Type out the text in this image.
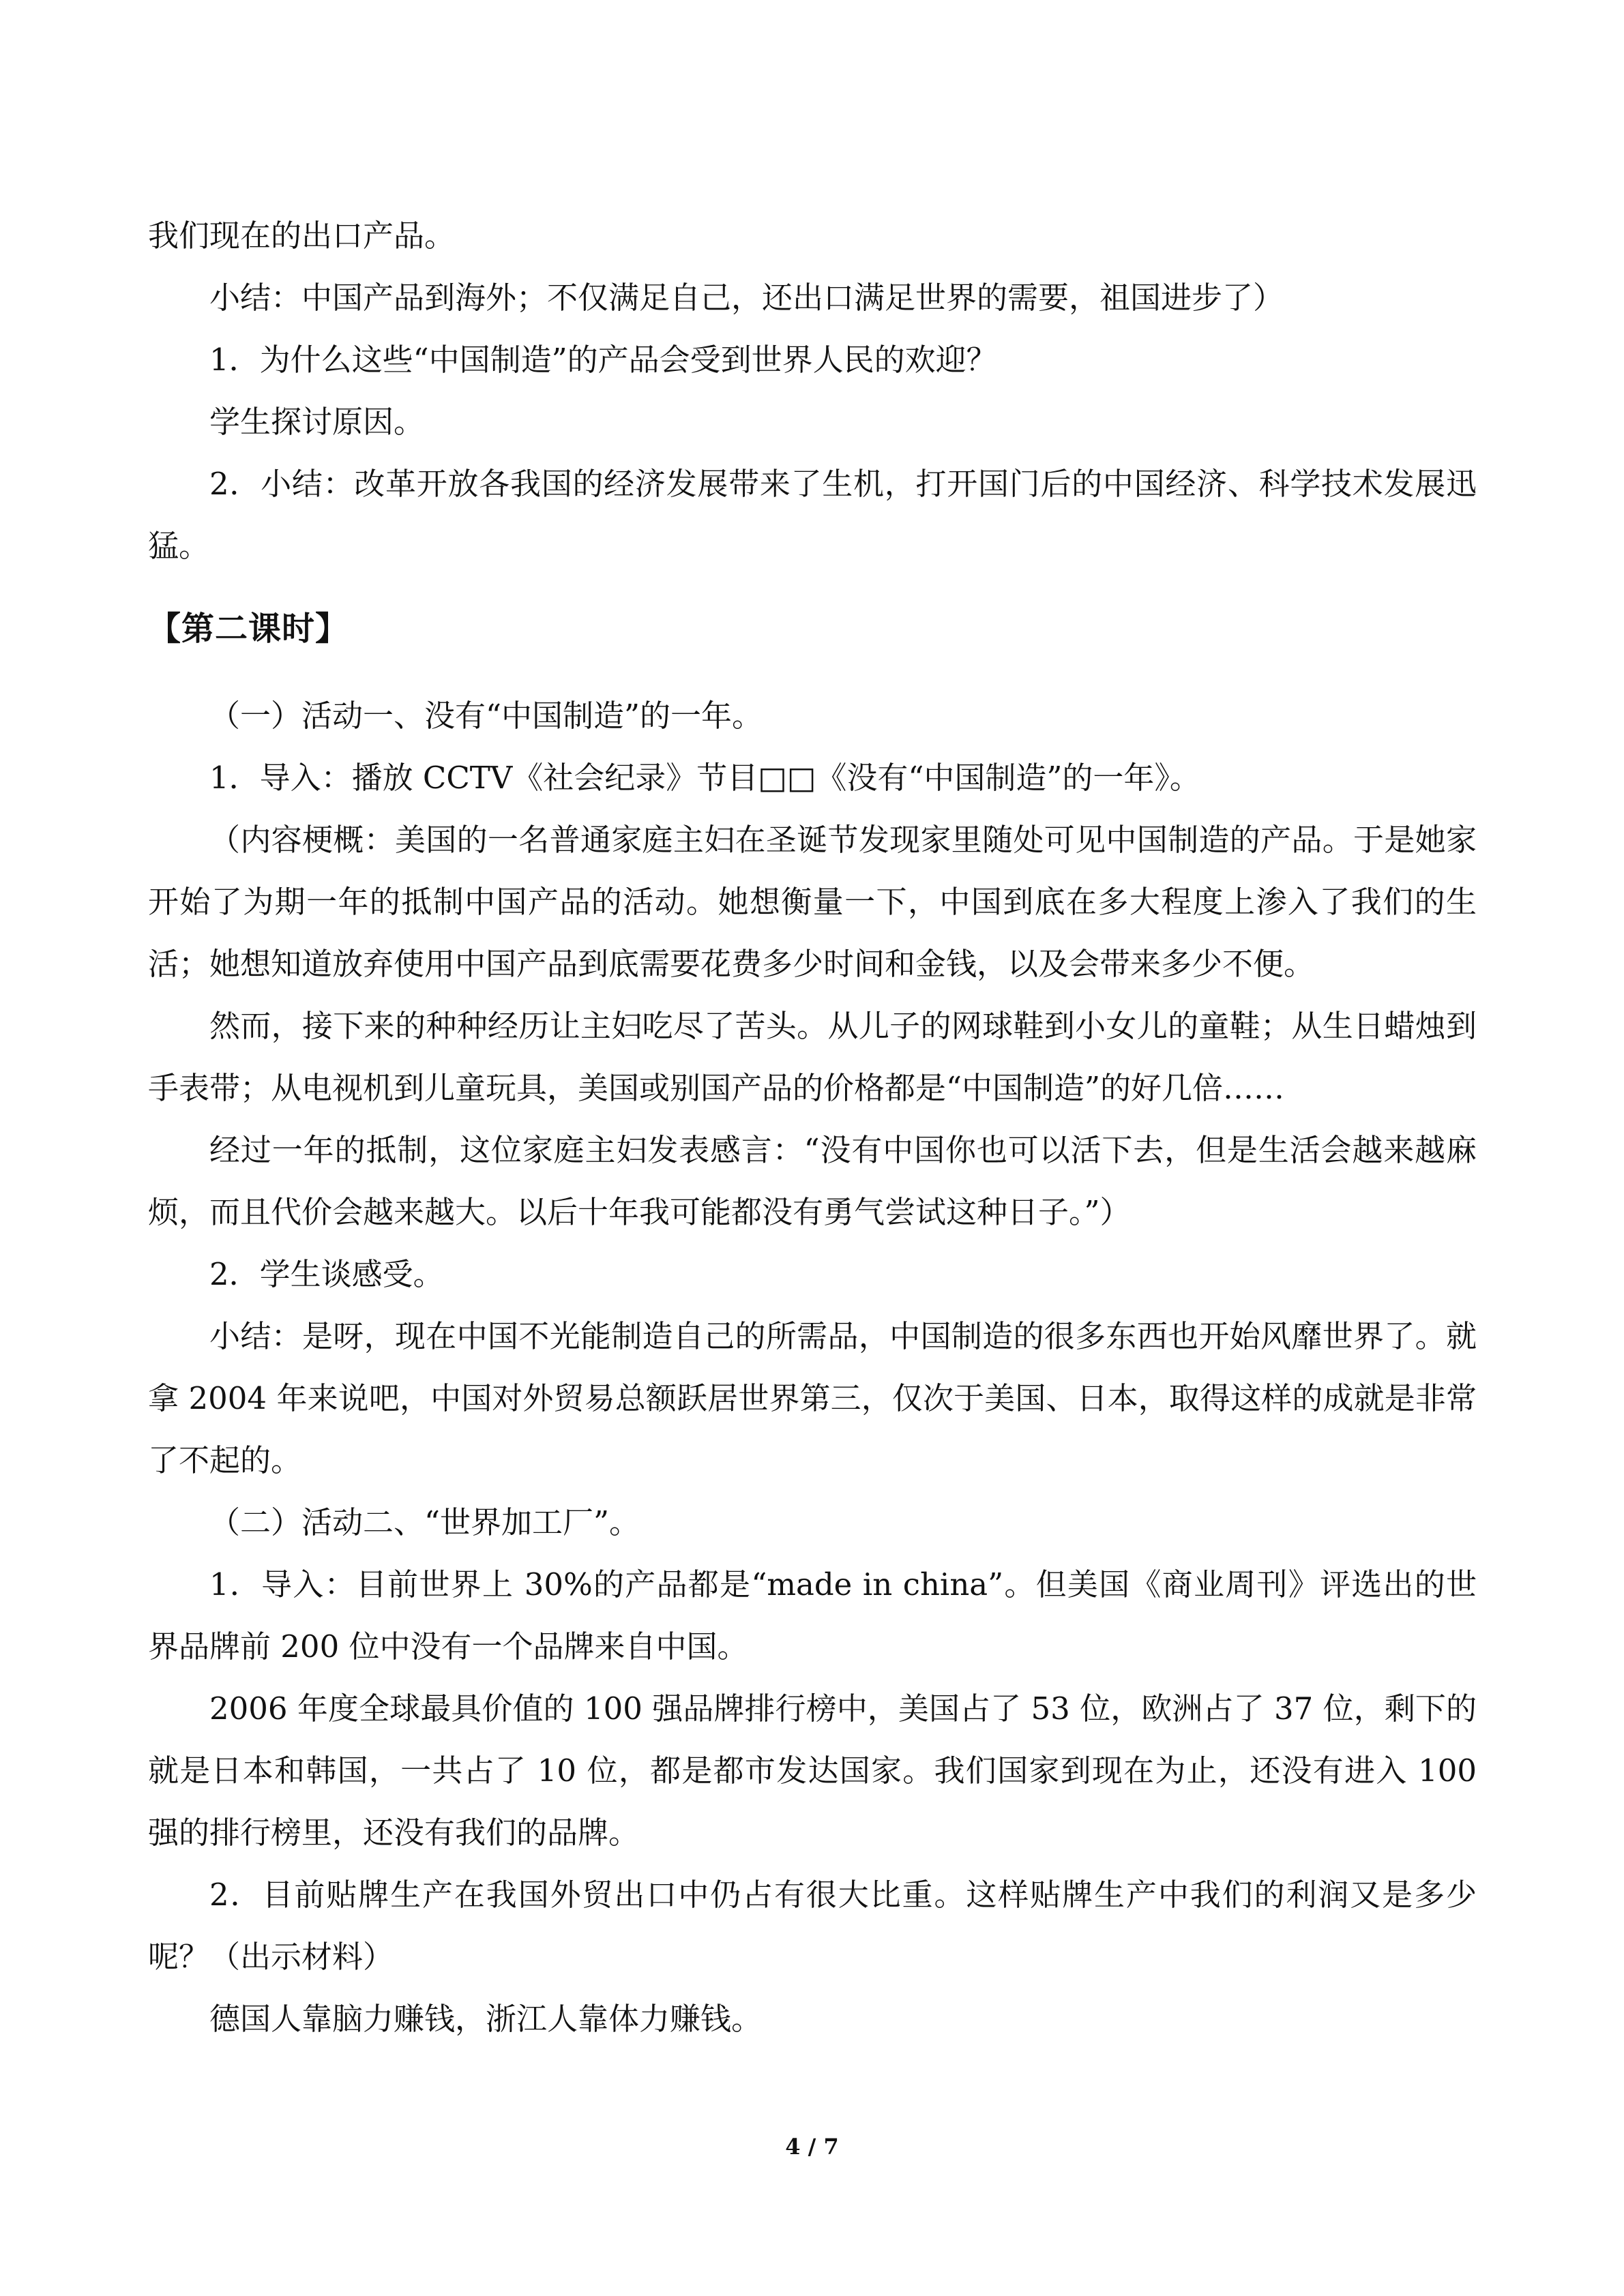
我们现在的出口产品。

小结：中国产品到海外；不仅满足自己，还出口满足世界的需要，祖国进步了）

1．为什么这些“中国制造”的产品会受到世界人民的欢迎？

学生探讨原因。

2．小结：改革开放各我国的经济发展带来了生机，打开国门后的中国经济、科学技术发展迅猛。

【第二课时】

（一）活动一、没有“中国制造”的一年。

1．导入：播放 CCTV《社会纪录》节目□□《没有“中国制造”的一年》。

（内容梗概：美国的一名普通家庭主妇在圣诞节发现家里随处可见中国制造的产品。于是她家开始了为期一年的抵制中国产品的活动。她想衡量一下，中国到底在多大程度上渗入了我们的生活；她想知道放弃使用中国产品到底需要花费多少时间和金钱，以及会带来多少不便。

然而，接下来的种种经历让主妇吃尽了苦头。从儿子的网球鞋到小女儿的童鞋；从生日蜡烛到手表带；从电视机到儿童玩具，美国或别国产品的价格都是“中国制造”的好几倍……

经过一年的抵制，这位家庭主妇发表感言：“没有中国你也可以活下去，但是生活会越来越麻烦，而且代价会越来越大。以后十年我可能都没有勇气尝试这种日子。”）

2．学生谈感受。

小结：是呀，现在中国不光能制造自己的所需品，中国制造的很多东西也开始风靡世界了。就拿 2004 年来说吧，中国对外贸易总额跃居世界第三，仅次于美国、日本，取得这样的成就是非常了不起的。

（二）活动二、“世界加工厂”。

1．导入：目前世界上 30%的产品都是“made in china”。但美国《商业周刊》评选出的世界品牌前 200 位中没有一个品牌来自中国。

2006 年度全球最具价值的 100 强品牌排行榜中，美国占了 53 位，欧洲占了 37 位，剩下的就是日本和韩国，一共占了 10 位，都是都市发达国家。我们国家到现在为止，还没有进入 100 强的排行榜里，还没有我们的品牌。

2．目前贴牌生产在我国外贸出口中仍占有很大比重。这样贴牌生产中我们的利润又是多少呢？（出示材料）

德国人靠脑力赚钱，浙江人靠体力赚钱。

4 / 7
